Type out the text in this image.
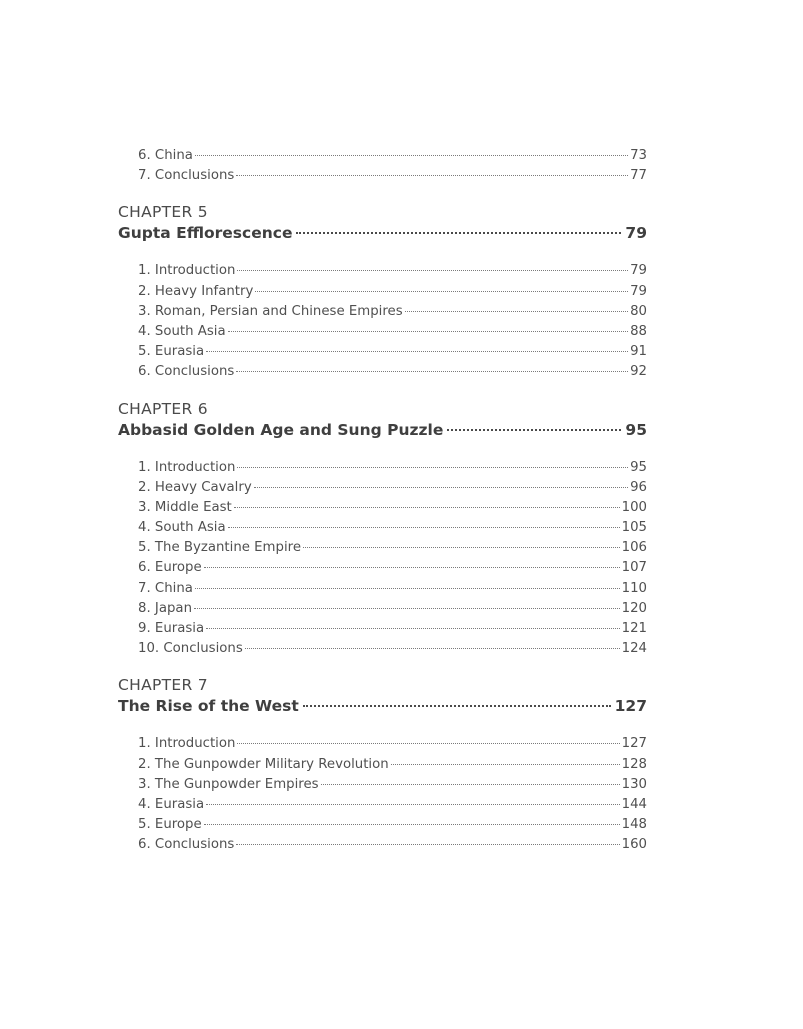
6. China	73
7. Conclusions	77
CHAPTER 5
Gupta Efflorescence	79
1. Introduction	79
2. Heavy Infantry	79
3. Roman, Persian and Chinese Empires	80
4. South Asia	88
5. Eurasia	91
6. Conclusions	92
CHAPTER 6
Abbasid Golden Age and Sung Puzzle	95
1. Introduction	95
2. Heavy Cavalry	96
3. Middle East	100
4. South Asia	105
5. The Byzantine Empire	106
6. Europe	107
7. China	110
8. Japan	120
9. Eurasia	121
10. Conclusions	124
CHAPTER 7
The Rise of the West	127
1. Introduction	127
2. The Gunpowder Military Revolution	128
3. The Gunpowder Empires	130
4. Eurasia	144
5. Europe	148
6. Conclusions	160
